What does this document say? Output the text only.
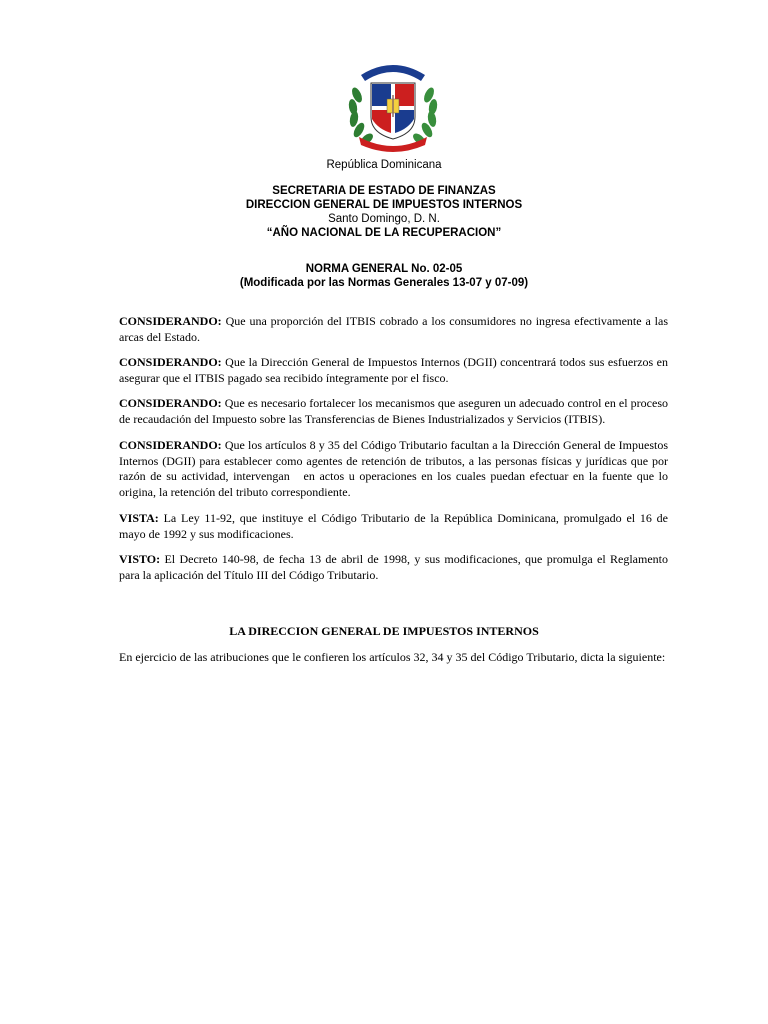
República Dominicana
SECRETARIA DE ESTADO DE FINANZAS
DIRECCION GENERAL DE IMPUESTOS INTERNOS
Santo Domingo, D. N.
“AÑO NACIONAL DE LA RECUPERACION”
NORMA GENERAL No. 02-05
(Modificada por las Normas Generales 13-07 y 07-09)

CONSIDERANDO: Que una proporción del ITBIS cobrado a los consumidores no ingresa efectivamente a las arcas del Estado.

CONSIDERANDO: Que la Dirección General de Impuestos Internos (DGII) concentrará todos sus esfuerzos en asegurar que el ITBIS pagado sea recibido íntegramente por el fisco.

CONSIDERANDO: Que es necesario fortalecer los mecanismos que aseguren un adecuado control en el proceso de recaudación del Impuesto sobre las Transferencias de Bienes Industrializados y Servicios (ITBIS).

CONSIDERANDO: Que los artículos 8 y 35 del Código Tributario facultan a la Dirección General de Impuestos Internos (DGII) para establecer como agentes de retención de tributos, a las personas físicas y jurídicas que por razón de su actividad, intervengan   en actos u operaciones en los cuales puedan efectuar en la fuente que lo origina, la retención del tributo correspondiente.

VISTA: La Ley 11-92, que instituye el Código Tributario de la República Dominicana, promulgado el 16 de mayo de 1992 y sus modificaciones.

VISTO: El Decreto 140-98, de fecha 13 de abril de 1998, y sus modificaciones, que promulga el Reglamento para la aplicación del Título III del Código Tributario.

LA DIRECCION GENERAL DE IMPUESTOS INTERNOS

En ejercicio de las atribuciones que le confieren los artículos 32, 34 y 35 del Código Tributario, dicta la siguiente:
